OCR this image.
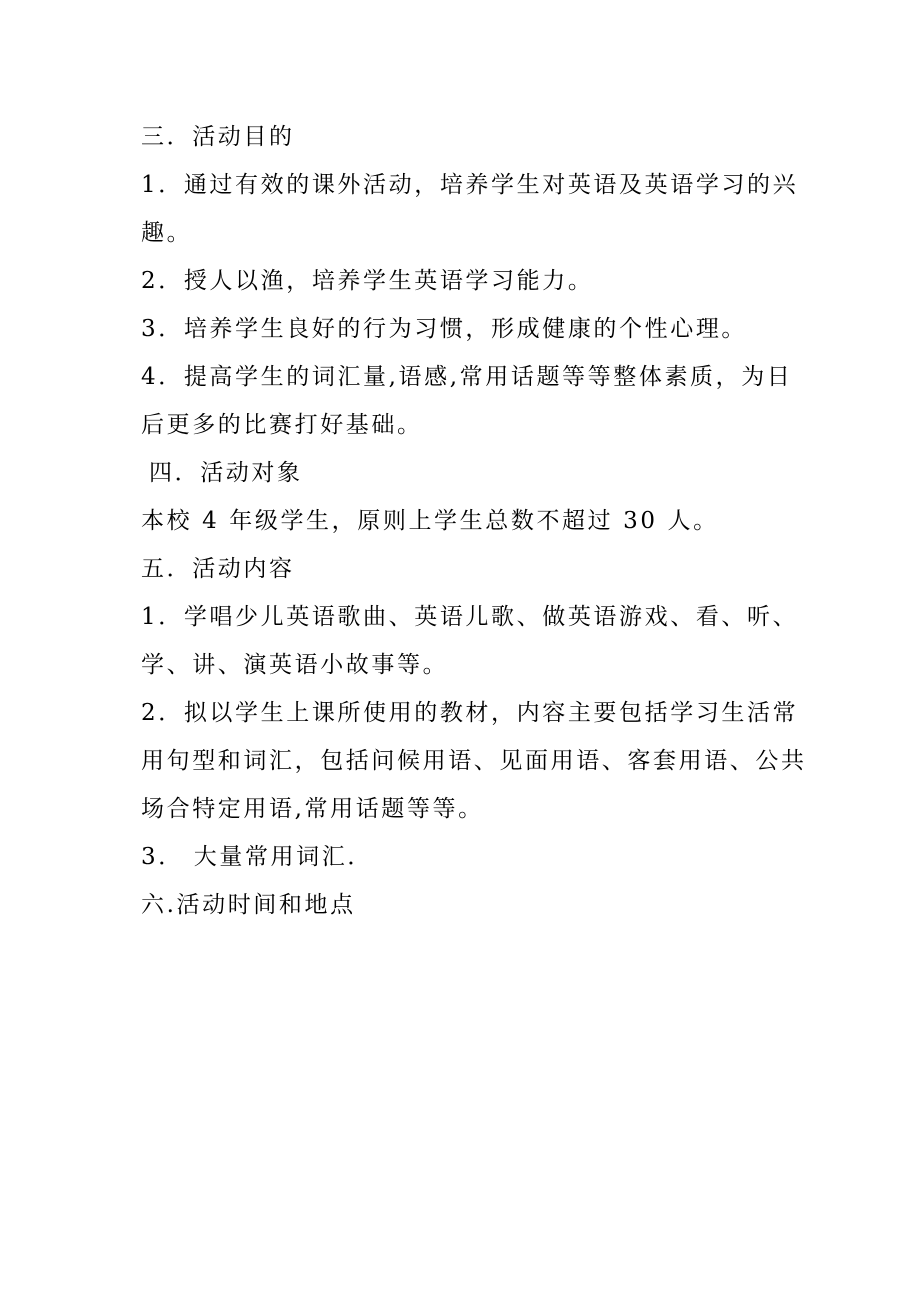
三．活动目的
1．通过有效的课外活动，培养学生对英语及英语学习的兴
趣。
2．授人以渔，培养学生英语学习能力。
3．培养学生良好的行为习惯，形成健康的个性心理。
4．提高学生的词汇量,语感,常用话题等等整体素质，为日
后更多的比赛打好基础。
四．活动对象
本校 4 年级学生，原则上学生总数不超过 30 人。
五．活动内容
1．学唱少儿英语歌曲、英语儿歌、做英语游戏、看、听、
学、讲、演英语小故事等。
2．拟以学生上课所使用的教材，内容主要包括学习生活常
用句型和词汇，包括问候用语、见面用语、客套用语、公共
场合特定用语,常用话题等等。
3． 大量常用词汇．
六.活动时间和地点
